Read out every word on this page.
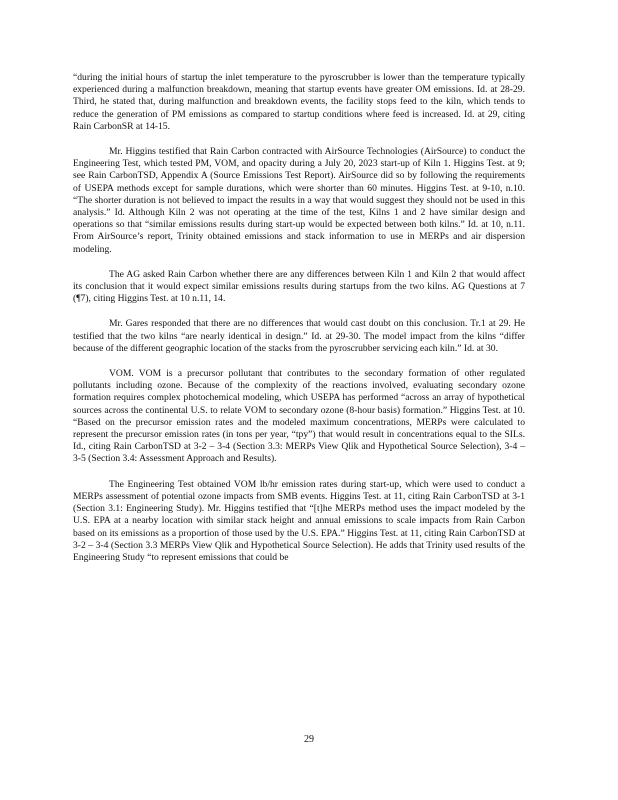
“during the initial hours of startup the inlet temperature to the pyroscrubber is lower than the temperature typically experienced during a malfunction breakdown, meaning that startup events have greater OM emissions. Id. at 28-29. Third, he stated that, during malfunction and breakdown events, the facility stops feed to the kiln, which tends to reduce the generation of PM emissions as compared to startup conditions where feed is increased. Id. at 29, citing Rain CarbonSR at 14-15.

Mr. Higgins testified that Rain Carbon contracted with AirSource Technologies (AirSource) to conduct the Engineering Test, which tested PM, VOM, and opacity during a July 20, 2023 start-up of Kiln 1. Higgins Test. at 9; see Rain CarbonTSD, Appendix A (Source Emissions Test Report). AirSource did so by following the requirements of USEPA methods except for sample durations, which were shorter than 60 minutes. Higgins Test. at 9-10, n.10. “The shorter duration is not believed to impact the results in a way that would suggest they should not be used in this analysis.” Id. Although Kiln 2 was not operating at the time of the test, Kilns 1 and 2 have similar design and operations so that “similar emissions results during start-up would be expected between both kilns.” Id. at 10, n.11. From AirSource’s report, Trinity obtained emissions and stack information to use in MERPs and air dispersion modeling.

The AG asked Rain Carbon whether there are any differences between Kiln 1 and Kiln 2 that would affect its conclusion that it would expect similar emissions results during startups from the two kilns. AG Questions at 7 (¶7), citing Higgins Test. at 10 n.11, 14.

Mr. Gares responded that there are no differences that would cast doubt on this conclusion. Tr.1 at 29. He testified that the two kilns “are nearly identical in design.” Id. at 29-30. The model impact from the kilns “differ because of the different geographic location of the stacks from the pyroscrubber servicing each kiln.” Id. at 30.

VOM. VOM is a precursor pollutant that contributes to the secondary formation of other regulated pollutants including ozone. Because of the complexity of the reactions involved, evaluating secondary ozone formation requires complex photochemical modeling, which USEPA has performed “across an array of hypothetical sources across the continental U.S. to relate VOM to secondary ozone (8-hour basis) formation.” Higgins Test. at 10. “Based on the precursor emission rates and the modeled maximum concentrations, MERPs were calculated to represent the precursor emission rates (in tons per year, “tpy”) that would result in concentrations equal to the SILs. Id., citing Rain CarbonTSD at 3-2 – 3-4 (Section 3.3: MERPs View Qlik and Hypothetical Source Selection), 3-4 – 3-5 (Section 3.4: Assessment Approach and Results).

The Engineering Test obtained VOM lb/hr emission rates during start-up, which were used to conduct a MERPs assessment of potential ozone impacts from SMB events. Higgins Test. at 11, citing Rain CarbonTSD at 3-1 (Section 3.1: Engineering Study). Mr. Higgins testified that “[t]he MERPs method uses the impact modeled by the U.S. EPA at a nearby location with similar stack height and annual emissions to scale impacts from Rain Carbon based on its emissions as a proportion of those used by the U.S. EPA.” Higgins Test. at 11, citing Rain CarbonTSD at 3-2 – 3-4 (Section 3.3 MERPs View Qlik and Hypothetical Source Selection). He adds that Trinity used results of the Engineering Study “to represent emissions that could be

29
